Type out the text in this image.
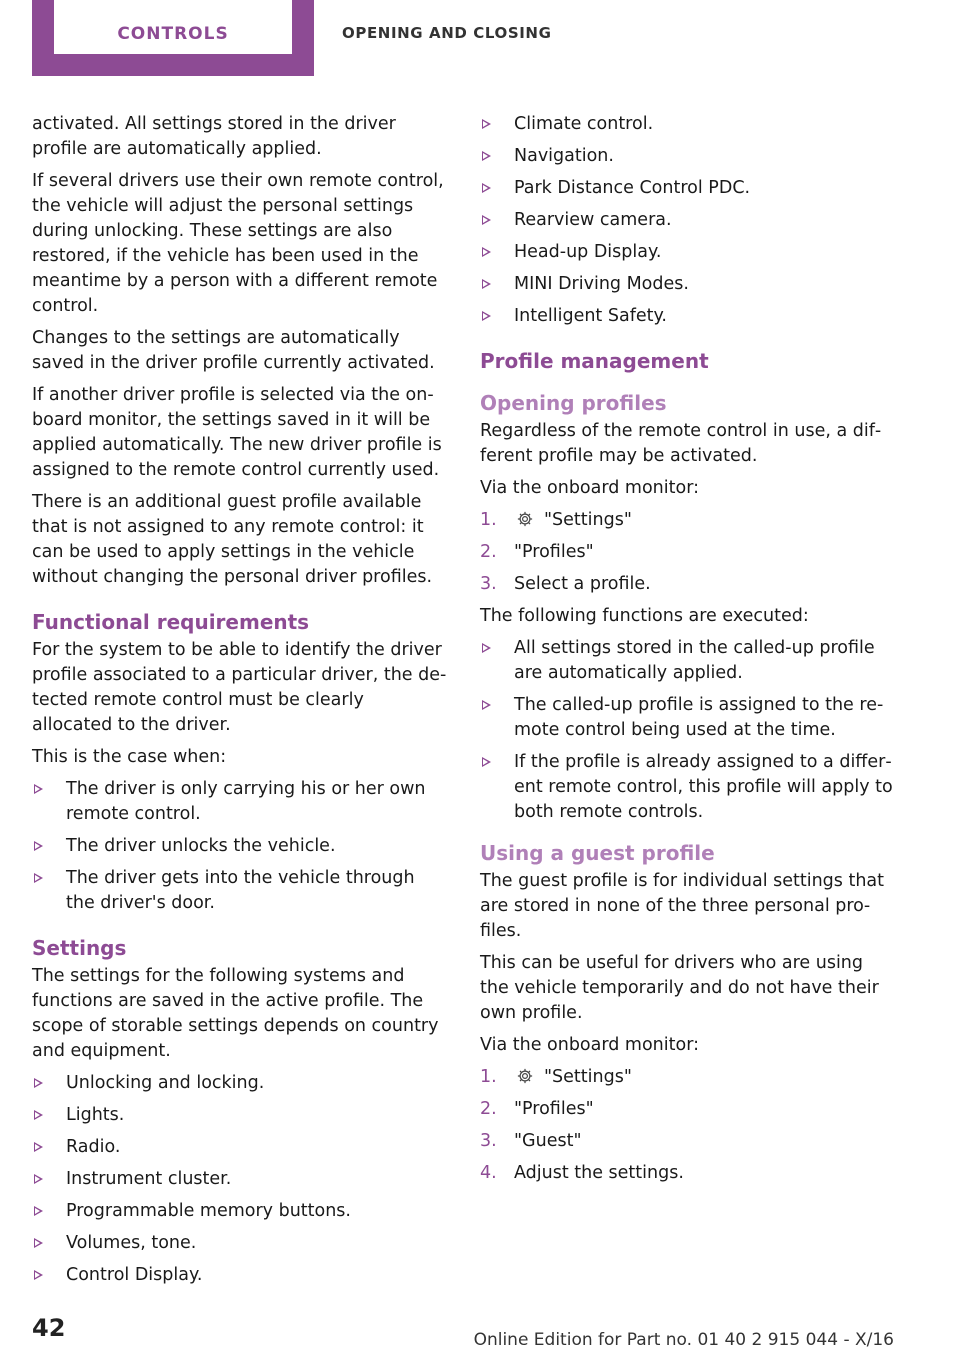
CONTROLS	OPENING AND CLOSING

activated. All settings stored in the driver profile are automatically applied.

If several drivers use their own remote control, the vehicle will adjust the personal settings during unlocking. These settings are also restored, if the vehicle has been used in the meantime by a person with a different remote control.

Changes to the settings are automatically saved in the driver profile currently activated.

If another driver profile is selected via the on‐board monitor, the settings saved in it will be applied automatically. The new driver profile is assigned to the remote control currently used.

There is an additional guest profile available that is not assigned to any remote control: it can be used to apply settings in the vehicle without changing the personal driver profiles.

Functional requirements

For the system to be able to identify the driver profile associated to a particular driver, the detected remote control must be clearly allocated to the driver.

This is the case when:

The driver is only carrying his or her own remote control.
The driver unlocks the vehicle.
The driver gets into the vehicle through the driver's door.
Settings

The settings for the following systems and functions are saved in the active profile. The scope of storable settings depends on country and equipment.

Unlocking and locking.
Lights.
Radio.
Instrument cluster.
Programmable memory buttons.
Volumes, tone.
Control Display.
Climate control.
Navigation.
Park Distance Control PDC.
Rearview camera.
Head-up Display.
MINI Driving Modes.
Intelligent Safety.
Profile management
Opening profiles

Regardless of the remote control in use, a different profile may be activated.

Via the onboard monitor:

1.	"Settings"
2. "Profiles"
3. Select a profile.

The following functions are executed:

All settings stored in the called-up profile are automatically applied.
The called-up profile is assigned to the remote control being used at the time.
If the profile is already assigned to a different remote control, this profile will apply to both remote controls.
Using a guest profile

The guest profile is for individual settings that are stored in none of the three personal profiles.

This can be useful for drivers who are using the vehicle temporarily and do not have their own profile.

Via the onboard monitor:

1.	"Settings"
2. "Profiles"
3. "Guest"
4. Adjust the settings.
42	Online Edition for Part no. 01 40 2 915 044 - X/16
